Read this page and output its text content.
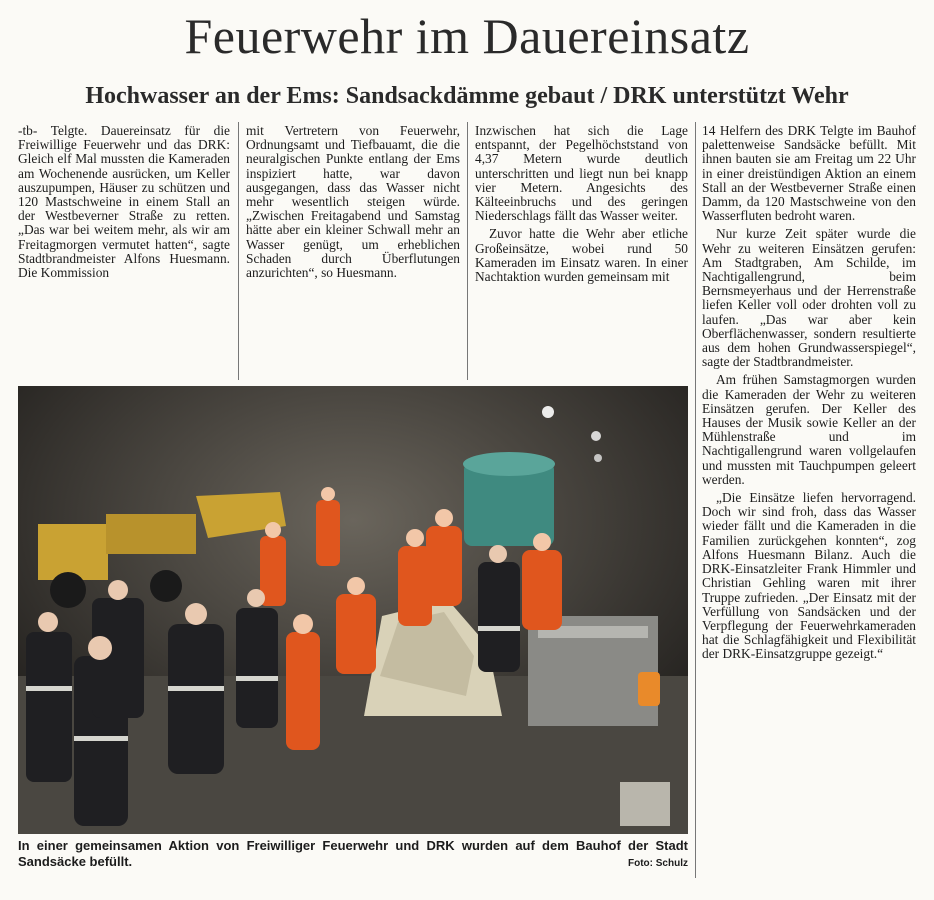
Feuerwehr im Dauereinsatz
Hochwasser an der Ems: Sandsackdämme gebaut / DRK unterstützt Wehr

-tb- Telgte. Dauereinsatz für die Freiwillige Feuerwehr und das DRK: Gleich elf Mal mussten die Kameraden am Wochenende ausrücken, um Keller auszupumpen, Häuser zu schützen und 120 Mastschweine in einem Stall an der Westbeverner Straße zu retten. „Das war bei weitem mehr, als wir am Freitagmorgen vermutet hatten“, sagte Stadtbrandmeister Alfons Huesmann. Die Kommission

mit Vertretern von Feuerwehr, Ordnungsamt und Tiefbauamt, die die neuralgischen Punkte entlang der Ems inspiziert hatte, war davon ausgegangen, dass das Wasser nicht mehr wesentlich steigen würde. „Zwischen Freitagabend und Samstag hätte aber ein kleiner Schwall mehr an Wasser genügt, um erheblichen Schaden durch Überflutungen anzurichten“, so Huesmann.

Inzwischen hat sich die Lage entspannt, der Pegelhöchststand von 4,37 Metern wurde deutlich unterschritten und liegt nun bei knapp vier Metern. Angesichts des Kälteeinbruchs und des geringen Niederschlags fällt das Wasser weiter.

Zuvor hatte die Wehr aber etliche Großeinsätze, wobei rund 50 Kameraden im Einsatz waren. In einer Nachtaktion wurden gemeinsam mit

14 Helfern des DRK Telgte im Bauhof palettenweise Sandsäcke befüllt. Mit ihnen bauten sie am Freitag um 22 Uhr in einer dreistündigen Aktion an einem Stall an der Westbeverner Straße einen Damm, da 120 Mastschweine von den Wasserfluten bedroht waren.

Nur kurze Zeit später wurde die Wehr zu weiteren Einsätzen gerufen: Am Stadtgraben, Am Schilde, im Nachtigallengrund, beim Bernsmeyerhaus und der Herrenstraße liefen Keller voll oder drohten voll zu laufen. „Das war aber kein Oberflächenwasser, sondern resultierte aus dem hohen Grundwasserspiegel“, sagte der Stadtbrandmeister.

Am frühen Samstagmorgen wurden die Kameraden der Wehr zu weiteren Einsätzen gerufen. Der Keller des Hauses der Musik sowie Keller an der Mühlenstraße und im Nachtigallengrund waren vollgelaufen und mussten mit Tauchpumpen geleert werden.

„Die Einsätze liefen hervorragend. Doch wir sind froh, dass das Wasser wieder fällt und die Kameraden in die Familien zurückgehen konnten“, zog Alfons Huesmann Bilanz. Auch die DRK-Einsatzleiter Frank Himmler und Christian Gehling waren mit ihrer Truppe zufrieden. „Der Einsatz mit der Verfüllung von Sandsäcken und der Verpflegung der Feuerwehrkameraden hat die Schlagfähigkeit und Flexibilität der DRK-Einsatzgruppe gezeigt.“

In einer gemeinsamen Aktion von Freiwilliger Feuerwehr und DRK wurden auf dem Bauhof der Stadt Sandsäcke befüllt.	Foto: Schulz
